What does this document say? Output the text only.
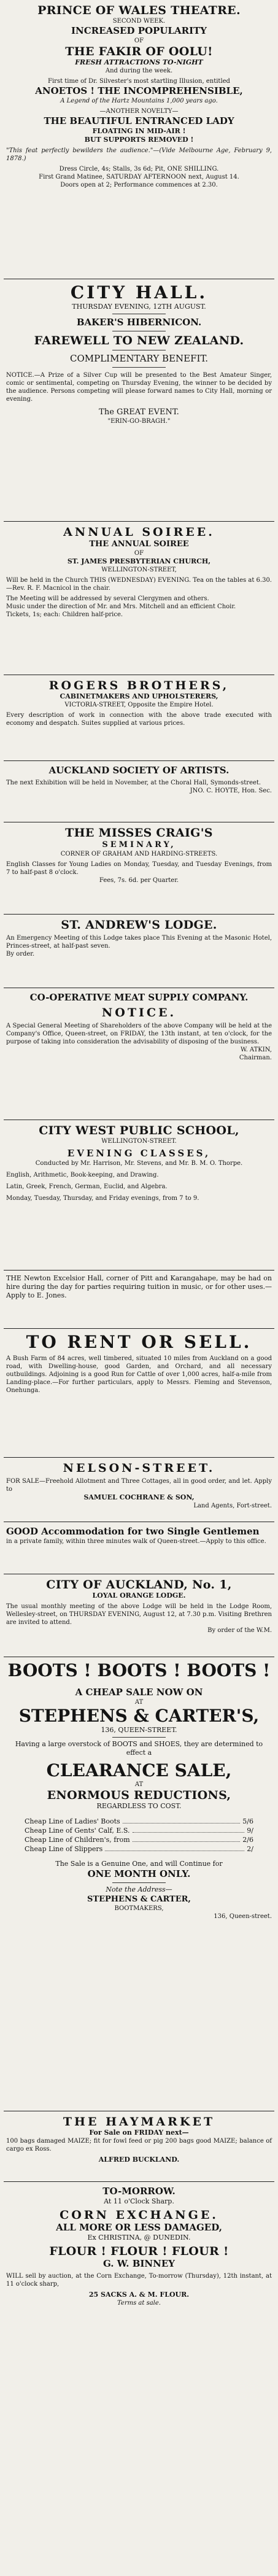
PRINCE OF WALES THEATRE.
SECOND WEEK.
INCREASED POPULARITY
OF
THE FAKIR OF OOLU!
FRESH ATTRACTIONS TO-NIGHT
And during the week.
First time of Dr. Silvester's most startling Illusion, entitled
ANOETOS ! THE INCOMPREHENSIBLE,
A Legend of the Hartz Mountains 1,000 years ago.
—ANOTHER NOVELTY—
THE BEAUTIFUL ENTRANCED LADY
FLOATING IN MID-AIR !
BUT SUPPORTS REMOVED !
"This feat perfectly bewilders the audience."—(Vide Melbourne Age, February 9, 1878.)
Dress Circle, 4s; Stalls, 3s 6d; Pit, ONE SHILLING.
First Grand Matinee, SATURDAY AFTERNOON next, August 14.
Doors open at 2; Performance commences at 2.30.
CITY HALL.
THURSDAY EVENING, 12TH AUGUST.
BAKER'S HIBERNICON.
FAREWELL TO NEW ZEALAND.
COMPLIMENTARY BENEFIT.
NOTICE.—A Prize of a Silver Cup will be presented to the Best Amateur Singer, comic or sentimental, competing on Thursday Evening, the winner to be decided by the audience. Persons competing will please forward names to City Hall, morning or evening.
The GREAT EVENT.
"ERIN-GO-BRAGH."
ANNUAL SOIREE.
THE ANNUAL SOIREE
OF
ST. JAMES PRESBYTERIAN CHURCH,
WELLINGTON-STREET,
Will be held in the Church THIS (WEDNESDAY) EVENING. Tea on the tables at 6.30.—Rev. R. F. Macnicol in the chair.
The Meeting will be addressed by several Clergymen and others.
Music under the direction of Mr. and Mrs. Mitchell and an efficient Choir.
Tickets, 1s; each: Children half-price.
ROGERS BROTHERS,
CABINETMAKERS AND UPHOLSTERERS,
VICTORIA-STREET, Opposite the Empire Hotel.
Every description of work in connection with the above trade executed with economy and despatch. Suites supplied at various prices.
AUCKLAND SOCIETY OF ARTISTS.
The next Exhibition will be held in November, at the Choral Hall, Symonds-street.
JNO. C. HOYTE, Hon. Sec.
THE MISSES CRAIG'S
SEMINARY,
CORNER OF GRAHAM AND HARDING-STREETS.
English Classes for Young Ladies on Monday, Tuesday, and Tuesday Evenings, from 7 to half-past 8 o'clock.
Fees, 7s. 6d. per Quarter.
ST. ANDREW'S LODGE.
An Emergency Meeting of this Lodge takes place This Evening at the Masonic Hotel, Princes-street, at half-past seven.
By order.
CO-OPERATIVE MEAT SUPPLY COMPANY.
NOTICE.
A Special General Meeting of Shareholders of the above Company will be held at the Company's Office, Queen-street, on FRIDAY, the 13th instant, at ten o'clock, for the purpose of taking into consideration the advisability of disposing of the business.
W. ATKIN,
Chairman.
CITY WEST PUBLIC SCHOOL,
WELLINGTON-STREET.
EVENING CLASSES,
Conducted by Mr. Harrison, Mr. Stevens, and Mr. B. M. O. Thorpe.
English, Arithmetic, Book-keeping, and Drawing.
Latin, Greek, French, German, Euclid, and Algebra.
Monday, Tuesday, Thursday, and Friday evenings, from 7 to 9.
THE Newton Excelsior Hall, corner of Pitt and Karangahape, may be had on hire during the day for parties requiring tuition in music, or for other uses.—Apply to E. Jones.
TO RENT OR SELL.
A Bush Farm of 84 acres, well timbered, situated 10 miles from Auckland on a good road, with Dwelling-house, good Garden, and Orchard, and all necessary outbuildings. Adjoining is a good Run for Cattle of over 1,000 acres, half-a-mile from Landing-place.—For further particulars, apply to Messrs. Fleming and Stevenson, Onehunga.
NELSON-STREET.
FOR SALE—Freehold Allotment and Three Cottages, all in good order, and let. Apply to
SAMUEL COCHRANE & SON,
Land Agents, Fort-street.
GOOD Accommodation for two Single Gentlemen
in a private family, within three minutes walk of Queen-street.—Apply to this office.
CITY OF AUCKLAND, No. 1,
LOYAL ORANGE LODGE.
The usual monthly meeting of the above Lodge will be held in the Lodge Room, Wellesley-street, on THURSDAY EVENING, August 12, at 7.30 p.m. Visiting Brethren are invited to attend.
By order of the W.M.
BOOTS ! BOOTS ! BOOTS !
A CHEAP SALE NOW ON
AT
STEPHENS & CARTER'S,
136, QUEEN-STREET.
Having a large overstock of BOOTS and SHOES, they are determined to effect a
CLEARANCE SALE,
AT
ENORMOUS REDUCTIONS,
REGARDLESS TO COST.
Cheap Line of Ladies' Boots	5/6
Cheap Line of Gents' Calf, E.S.	9/
Cheap Line of Children's, from	2/6
Cheap Line of Slippers	2/
The Sale is a Genuine One, and will Continue for
ONE MONTH ONLY.
Note the Address—
STEPHENS & CARTER,
BOOTMAKERS,
136, Queen-street.
THE HAYMARKET
For Sale on FRIDAY next—
100 bags damaged MAIZE; fit for fowl feed or pig 200 bags good MAIZE; balance of cargo ex Ross.
ALFRED BUCKLAND.
TO-MORROW.
At 11 o'Clock Sharp.
CORN EXCHANGE.
ALL MORE OR LESS DAMAGED,
Ex CHRISTINA, @ DUNEDIN.
FLOUR ! FLOUR ! FLOUR !
G. W. BINNEY
WILL sell by auction, at the Corn Exchange, To-morrow (Thursday), 12th instant, at 11 o'clock sharp,
25 SACKS A. & M. FLOUR.
Terms at sale.
